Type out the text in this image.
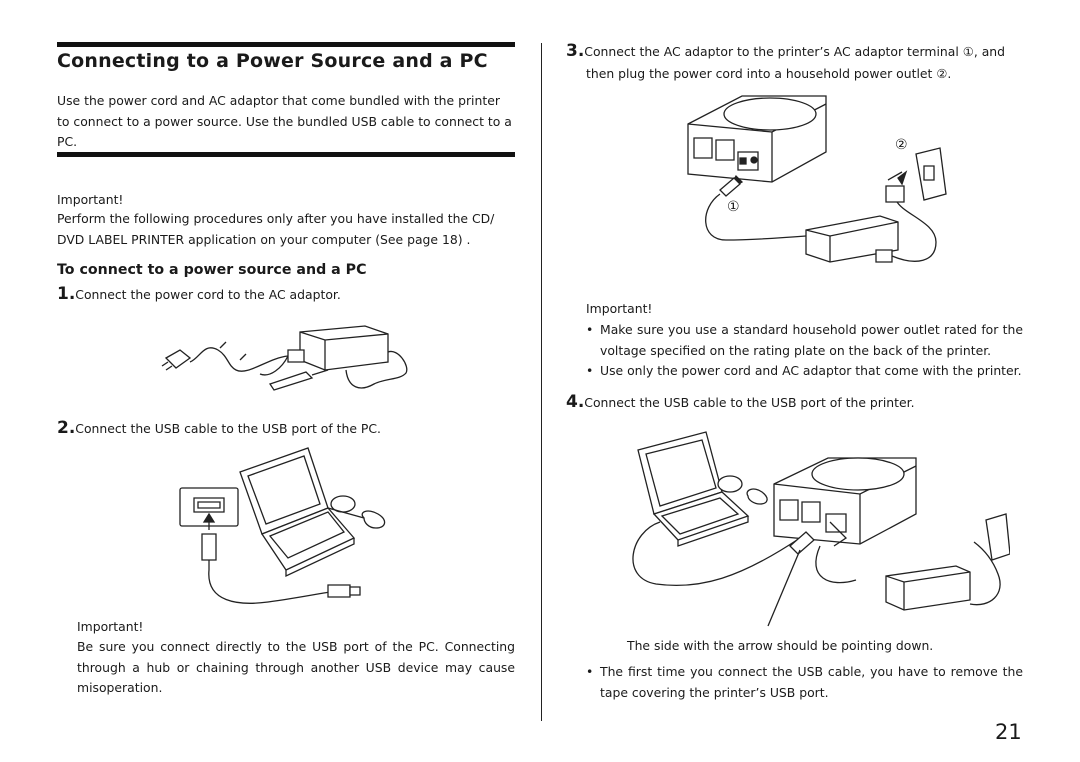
Connecting to a Power Source and a PC
Use the power cord and AC adaptor that come bundled with the printer to connect to a power source. Use the bundled USB cable to connect to a PC.
Important!
Perform the following procedures only after you have installed the CD/ DVD LABEL PRINTER application on your computer (See page 18) .
To connect to a power source and a PC
1.Connect the power cord to the AC adaptor.
2.Connect the USB cable to the USB port of the PC.
Important!
Be sure you connect directly to the USB port of the PC. Connecting through a hub or chaining through another USB device may cause misoperation.
3.Connect the AC adaptor to the printer’s AC adaptor terminal ①, and
then plug the power cord into a household power outlet ②.
①
②
Important!
• Make sure you use a standard household power outlet rated for the voltage specified on the rating plate on the back of the printer.
• Use only the power cord and AC adaptor that come with the printer.
4.Connect the USB cable to the USB port of the printer.
The side with the arrow should be pointing down.
• The first time you connect the USB cable, you have to remove the tape covering the printer’s USB port.
21
